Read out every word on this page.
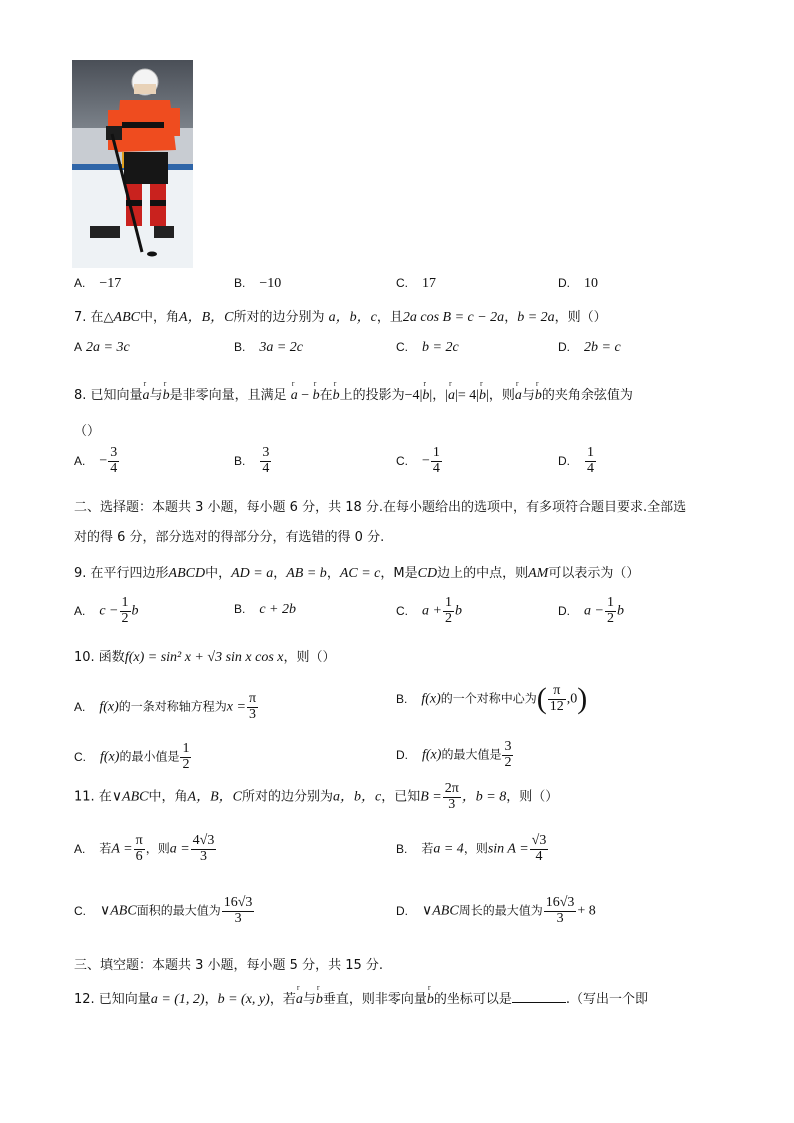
A. −17	B. −10	C. 17	D. 10
7. 在△ABC中，角A，B，C所对的边分别为 a，b，c，且2a cos B = c − 2a，b = 2a，则（）
A 2a = 3c	B. 3a = 2c	C. b = 2c	D. 2b = c
8. 已知向量r a与r b是非零向量，且满足 r a − r b在r b上的投影为−4|r b|，|r a|= 4|r b|，则r a与r b的夹角余弦值为
（）
A. − $\frac{3}{4}$	B. $\frac{3}{4}$	C. − $\frac{1}{4}$	D. $\frac{1}{4}$
二、选择题：本题共 3 小题，每小题 6 分，共 18 分.在每小题给出的选项中，有多项符合题目要求.全部选
对的得 6 分，部分选对的得部分分，有选错的得 0 分.
9. 在平行四边形ABCD中，AD = a，AB = b，AC = c，M是CD边上的中点，则AM可以表示为（）
A. $c - \frac{1}{2}$ b	B. c + 2b	C. $a + \frac{1}{2}$ b	D. $a - \frac{1}{2}$ b
10. 函数f(x) = sin² x + √3 sin x cos x，则（）
A. f(x)的一条对称轴方程为$x = \frac{\pi}{3}$	B. f(x)的一个对称中心为( $\frac{\pi}{12} ,0$)
C. f(x)的最小值是 $\frac{1}{2}$	D. f(x)的最大值是 $\frac{3}{2}$
11. 在∨ABC中，角A，B，C所对的边分别为a，b，c，已知$B = \frac{2\pi}{3}$ ，b = 8，则（）
A. 若$A = \frac{\pi}{6}$ ，则$a = \frac{4√3}{3}$	B. 若a = 4，则$\sin A = \frac{√3}{4}$
C. ∨ABC面积的最大值为 $\frac{16√3}{3}$	D. ∨ABC周长的最大值为 $\frac{16√3}{3} + 8$
三、填空题：本题共 3 小题，每小题 5 分，共 15 分.
12. 已知向量a = (1, 2)，b = (x, y)，若r a与r b垂直，则非零向量r b的坐标可以是	.（写出一个即
